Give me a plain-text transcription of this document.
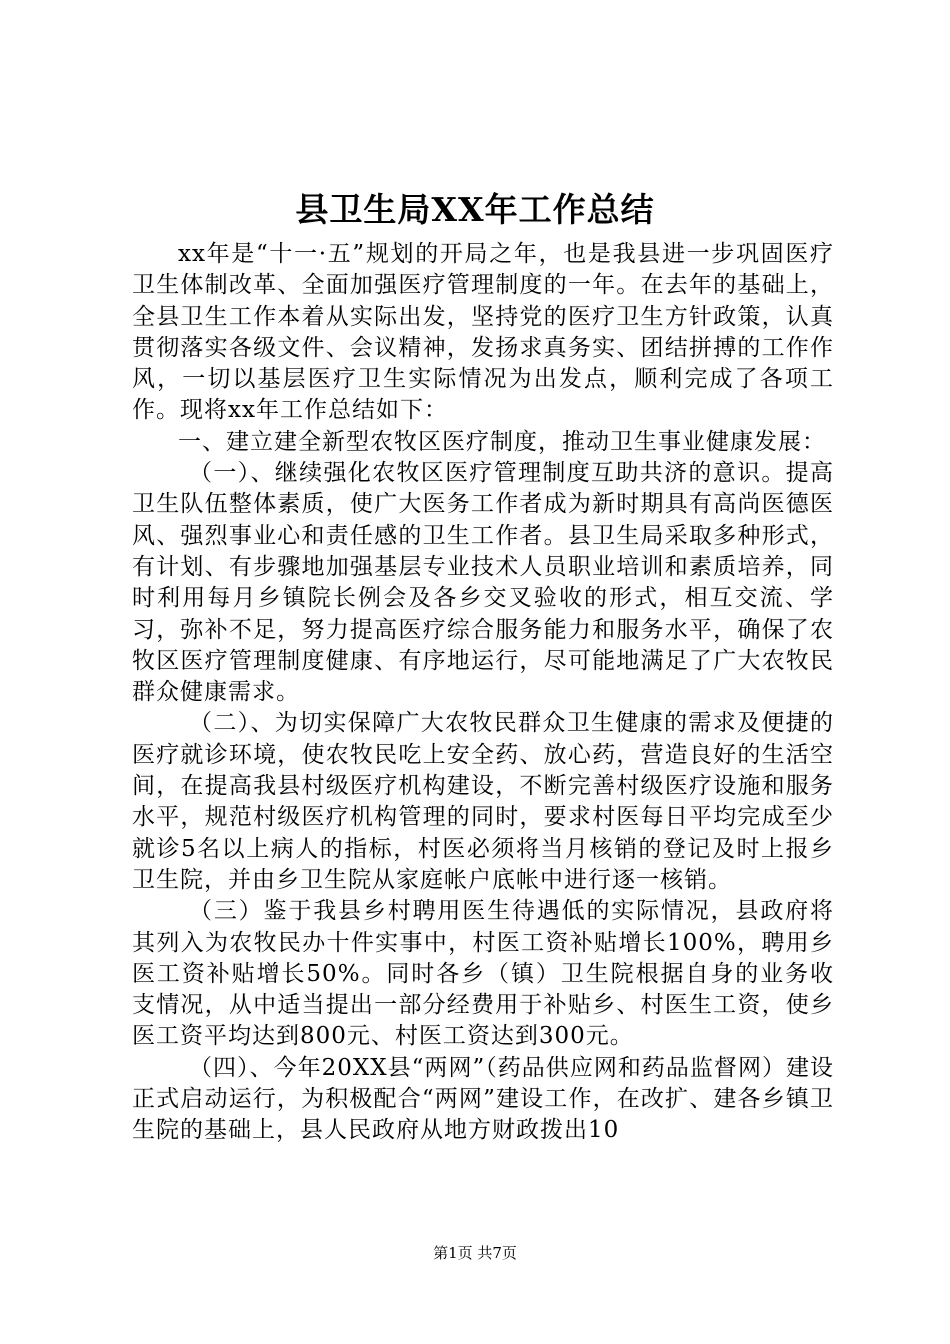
县卫生局XX年工作总结

xx年是“十一·五”规划的开局之年，也是我县进一步巩固医疗卫生体制改革、全面加强医疗管理制度的一年。在去年的基础上，全县卫生工作本着从实际出发，坚持党的医疗卫生方针政策，认真贯彻落实各级文件、会议精神，发扬求真务实、团结拼搏的工作作风，一切以基层医疗卫生实际情况为出发点，顺利完成了各项工作。现将xx年工作总结如下：

一、建立建全新型农牧区医疗制度，推动卫生事业健康发展：

（一）、继续强化农牧区医疗管理制度互助共济的意识。提高卫生队伍整体素质，使广大医务工作者成为新时期具有高尚医德医风、强烈事业心和责任感的卫生工作者。县卫生局采取多种形式，有计划、有步骤地加强基层专业技术人员职业培训和素质培养，同时利用每月乡镇院长例会及各乡交叉验收的形式，相互交流、学习，弥补不足，努力提高医疗综合服务能力和服务水平，确保了农牧区医疗管理制度健康、有序地运行，尽可能地满足了广大农牧民群众健康需求。

（二）、为切实保障广大农牧民群众卫生健康的需求及便捷的医疗就诊环境，使农牧民吃上安全药、放心药，营造良好的生活空间，在提高我县村级医疗机构建设，不断完善村级医疗设施和服务水平，规范村级医疗机构管理的同时，要求村医每日平均完成至少就诊5名以上病人的指标，村医必须将当月核销的登记及时上报乡卫生院，并由乡卫生院从家庭帐户底帐中进行逐一核销。

（三）鉴于我县乡村聘用医生待遇低的实际情况，县政府将其列入为农牧民办十件实事中，村医工资补贴增长100%，聘用乡医工资补贴增长50%。同时各乡（镇）卫生院根据自身的业务收支情况，从中适当提出一部分经费用于补贴乡、村医生工资，使乡医工资平均达到800元、村医工资达到300元。

（四）、今年20XX县“两网”（药品供应网和药品监督网）建设正式启动运行，为积极配合“两网”建设工作，在改扩、建各乡镇卫生院的基础上，县人民政府从地方财政拨出10

第1页 共7页
